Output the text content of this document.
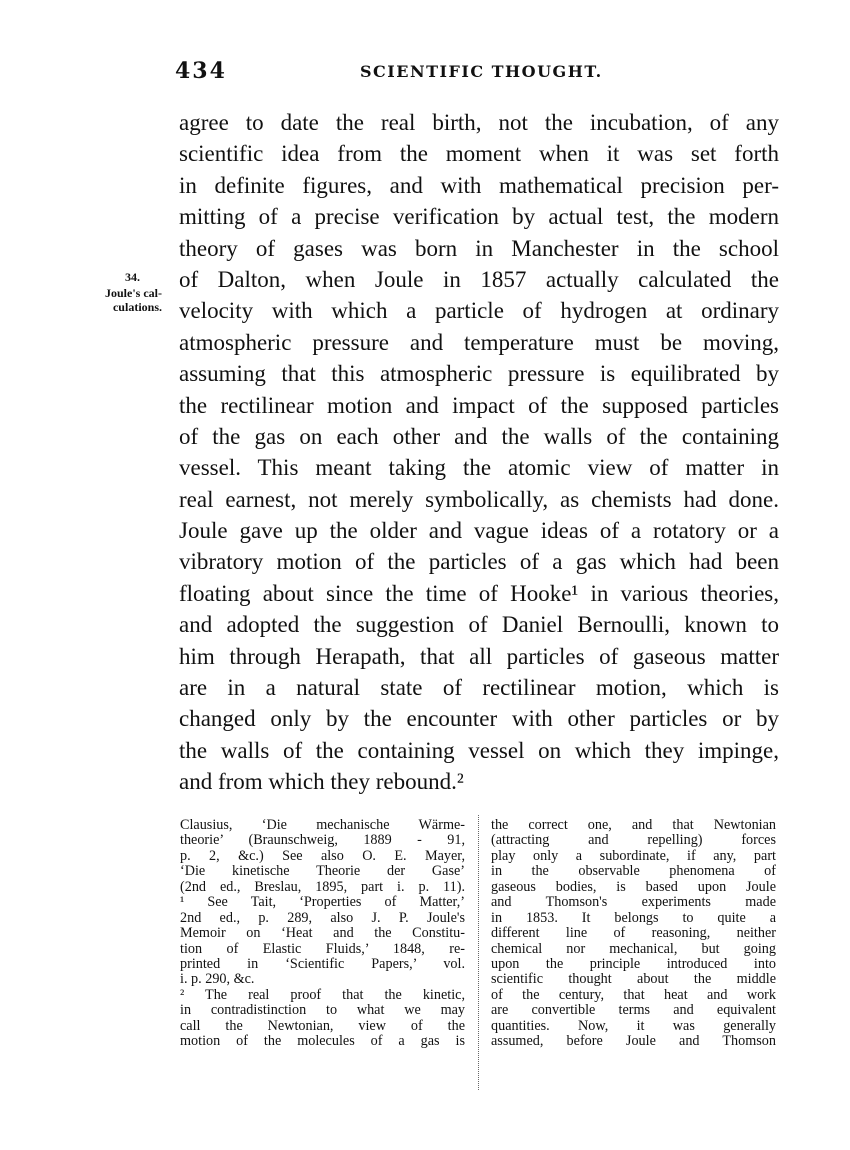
434	SCIENTIFIC THOUGHT.
34.
Joule's cal-
culations.
agree to date the real birth, not the incubation, of any
scientific idea from the moment when it was set forth
in definite figures, and with mathematical precision per-
mitting of a precise verification by actual test, the modern
theory of gases was born in Manchester in the school
of Dalton, when Joule in 1857 actually calculated the
velocity with which a particle of hydrogen at ordinary
atmospheric pressure and temperature must be moving,
assuming that this atmospheric pressure is equilibrated by
the rectilinear motion and impact of the supposed particles
of the gas on each other and the walls of the containing
vessel. This meant taking the atomic view of matter in
real earnest, not merely symbolically, as chemists had done.
Joule gave up the older and vague ideas of a rotatory or a
vibratory motion of the particles of a gas which had been
floating about since the time of Hooke¹ in various theories,
and adopted the suggestion of Daniel Bernoulli, known to
him through Herapath, that all particles of gaseous matter
are in a natural state of rectilinear motion, which is
changed only by the encounter with other particles or by
the walls of the containing vessel on which they impinge,
and from which they rebound.²
Clausius, ‘Die mechanische Wärme-
theorie’ (Braunschweig, 1889 - 91,
p. 2, &c.) See also O. E. Mayer,
‘Die kinetische Theorie der Gase’
(2nd ed., Breslau, 1895, part i. p. 11).
¹ See Tait, ‘Properties of Matter,’
2nd ed., p. 289, also J. P. Joule's
Memoir on ‘Heat and the Constitu-
tion of Elastic Fluids,’ 1848, re-
printed in ‘Scientific Papers,’ vol.
i. p. 290, &c.
² The real proof that the kinetic,
in contradistinction to what we may
call the Newtonian, view of the
motion of the molecules of a gas is
the correct one, and that Newtonian
(attracting and repelling) forces
play only a subordinate, if any, part
in the observable phenomena of
gaseous bodies, is based upon Joule
and Thomson's experiments made
in 1853. It belongs to quite a
different line of reasoning, neither
chemical nor mechanical, but going
upon the principle introduced into
scientific thought about the middle
of the century, that heat and work
are convertible terms and equivalent
quantities. Now, it was generally
assumed, before Joule and Thomson
